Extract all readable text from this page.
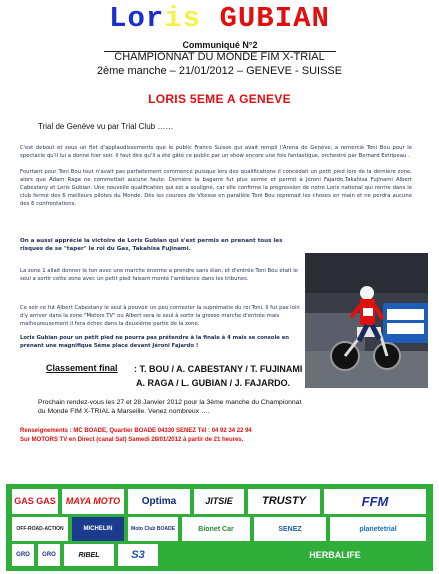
Loris GUBIAN
Communiqué N°2
CHAMPIONNAT DU MONDE FIM X-TRIAL
2ème manche – 21/01/2012 – GENEVE - SUISSE
LORIS 5EME A GENEVE
Trial de Genève vu par Trial Club ……

C'est debout et sous un flot d'applaudissements que le public Franco Suisse qui avait rempli l'Arena de Genève, a remercié Toni Bou pour le spectacle qu'il lui a donné hier soir. Il faut dire qu'il a été gâté ce public par un show encore une fois fantastique, orchestré par Bernard Estripeau .

Fourtant pour Toni Bou tout n'avait pas parfaitement commencé puisque lors des qualifications il concédait un petit pied lors de la dernière zone, alors que Adam Raga ne commettait aucune faute. Dernière la bagarre fut plus serrée et permit à Jéroni Fajardo,Takahisa Fujinami Albert Cabestany et Loris Gubian. Une nouvelle qualification qui est a souligné, car elle confirme la progression de notre Loris national qui rentre dans le club fermé des 6 meilleurs pilotes du Monde. Dès les courses de Vitesse en parallèle Toni Bou reprenait les choses en main et ne perdra aucune des 6 confrontations.

On a aussi apprécié la victoire de Loris Gubian qui s'est permis en prenant tous les risques de se "taper" le roi du Gas, Takahisa Fujinami.

La zone 1 allait donner le ton avec une marche énorme a prendre sans élan, et d'entrée Toni Bou était le seul a sortir cette zone avec un petit pied faisant monté l'ambiance dans les tribunes.

Ce soir ce fut Albert Cabestany le seul à pouvoir un peu contester la suprématie du roi Toni. Il fut pas loin d'y arriver dans la zone "Motors TV" ou Albert sera le seul à sortir la grosse marche d'entrée mais malheureusement il fera échec dans la deuxième partie de la zone.

Loris Gubian pour un petit pied ne pourra pas prétendre à la finale à 4 mais se console en prenant une magnifique 5ème place devant Jéroni Fajardo !

Classement final : T. BOU / A. CABESTANY / T. FUJINAMI
A. RAGA / L. GUBIAN / J. FAJARDO.

Prochain rendez-vous les 27 et 28 Janvier 2012 pour la 3ème manche du Championnat du Monde FIM X-TRIAL à Marseille. Venez nombreux ….

Renseignements : MC BOADE, Quartier BOADE 04330 SENEZ Tél : 04 92 34 22 94
Sur MOTORS TV en Direct (canal Sat) Samedi 28/01/2012 à partir de 21 heures.
GAS GAS MAYA MOTO Optima	JITSIE	TRUSTY	FFM
OFF-ROAD-ACTION	MICHELIN	Moto Club BOADE	Bionet Car	SENEZ	planetetrial
GRO GRO	RIBEL	S3	HERBALIFE
